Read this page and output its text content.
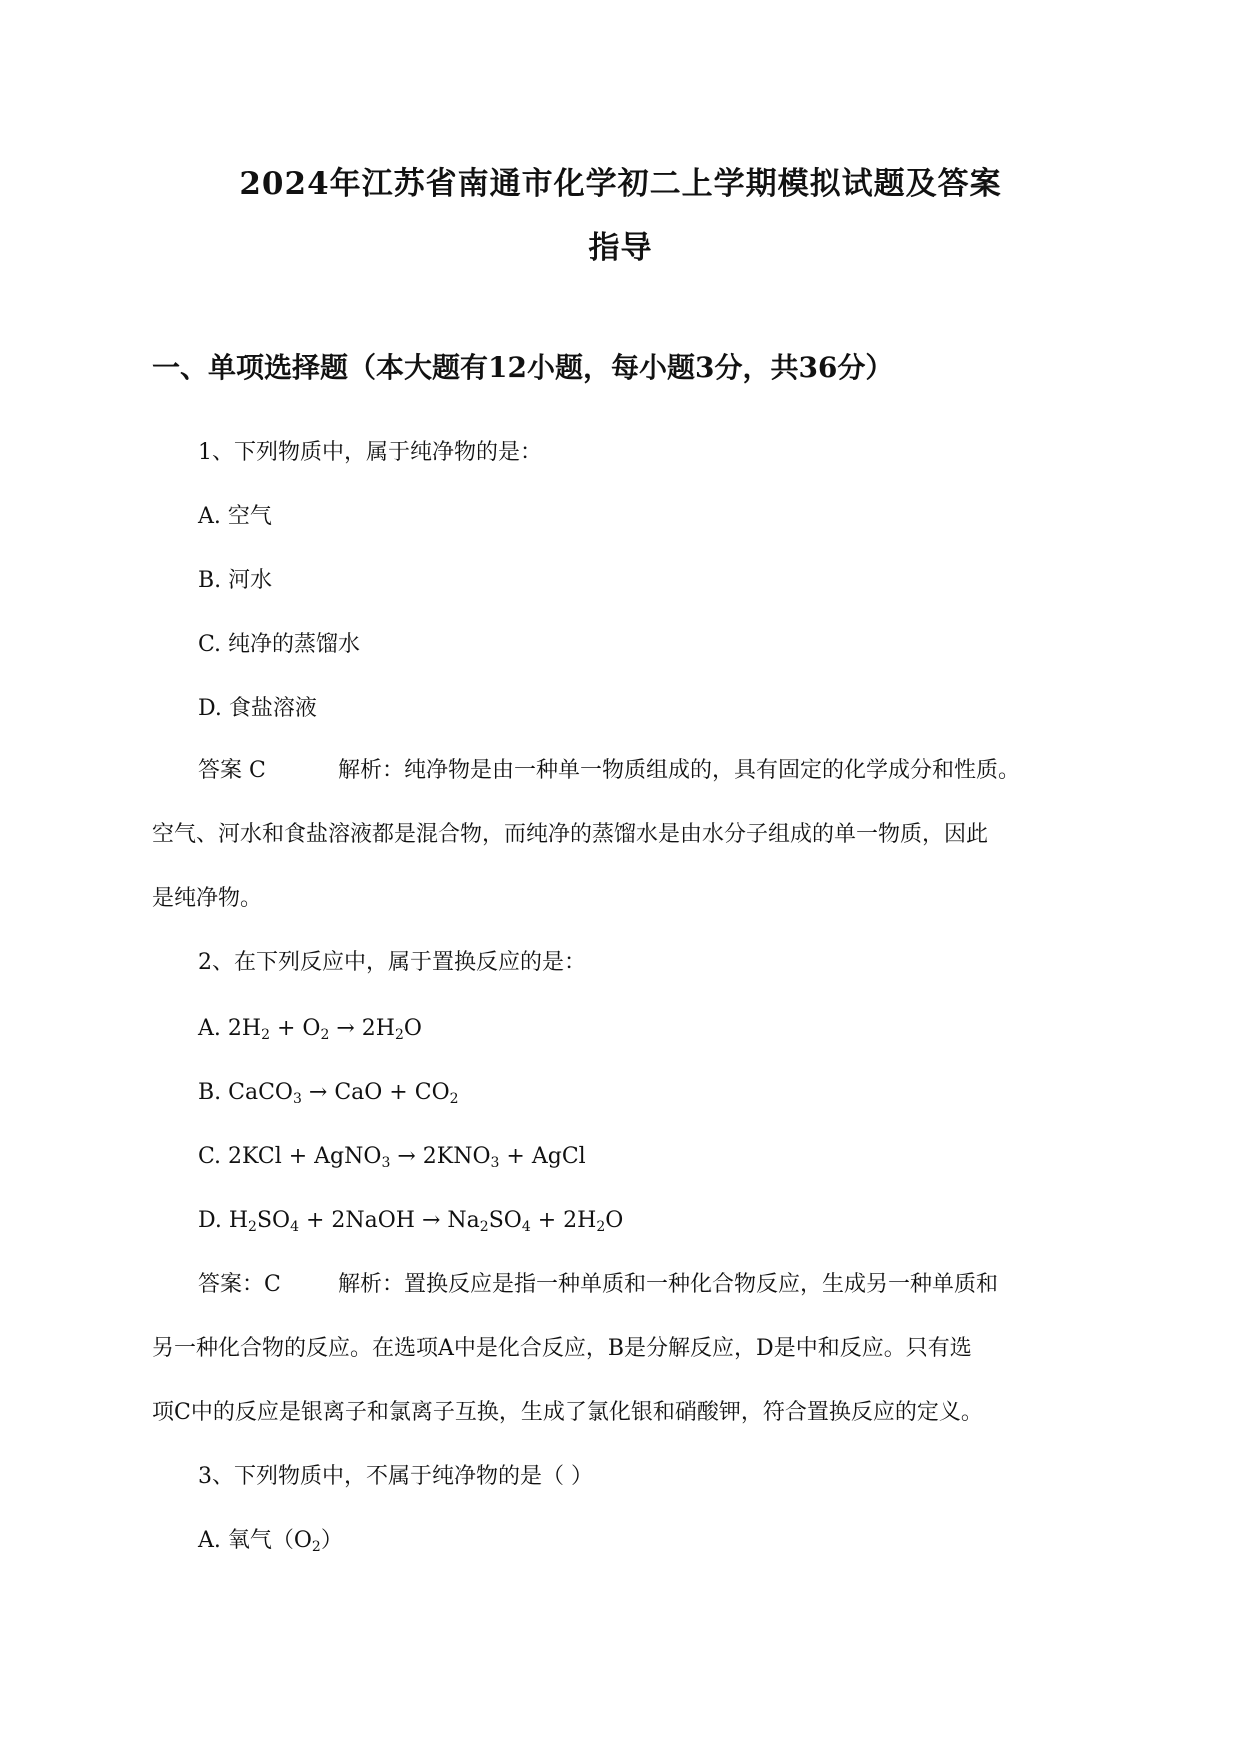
2024年江苏省南通市化学初二上学期模拟试题及答案
指导
一、单项选择题（本大题有12小题，每小题3分，共36分）
1、下列物质中，属于纯净物的是：
A. 空气
B. 河水
C. 纯净的蒸馏水
D. 食盐溶液
答案 C	解析：纯净物是由一种单一物质组成的，具有固定的化学成分和性质。
空气、河水和食盐溶液都是混合物，而纯净的蒸馏水是由水分子组成的单一物质，因此
是纯净物。
2、在下列反应中，属于置换反应的是：
A. $2H_2 + O_2 \to 2H_2O$
B. CaCO$_3$ → CaO + $CO_2$
C. 2KCl + AgNO$_3$ → $2KNO_3$ + AgCl
D. $H_2SO_4$ + 2NaOH → $Na_2SO_4 + 2H_2O$
答案：C	解析：置换反应是指一种单质和一种化合物反应，生成另一种单质和
另一种化合物的反应。在选项A中是化合反应，B是分解反应，D是中和反应。只有选
项C中的反应是银离子和氯离子互换，生成了氯化银和硝酸钾，符合置换反应的定义。
3、下列物质中，不属于纯净物的是（ ）
A. 氧气$(O_2)$
